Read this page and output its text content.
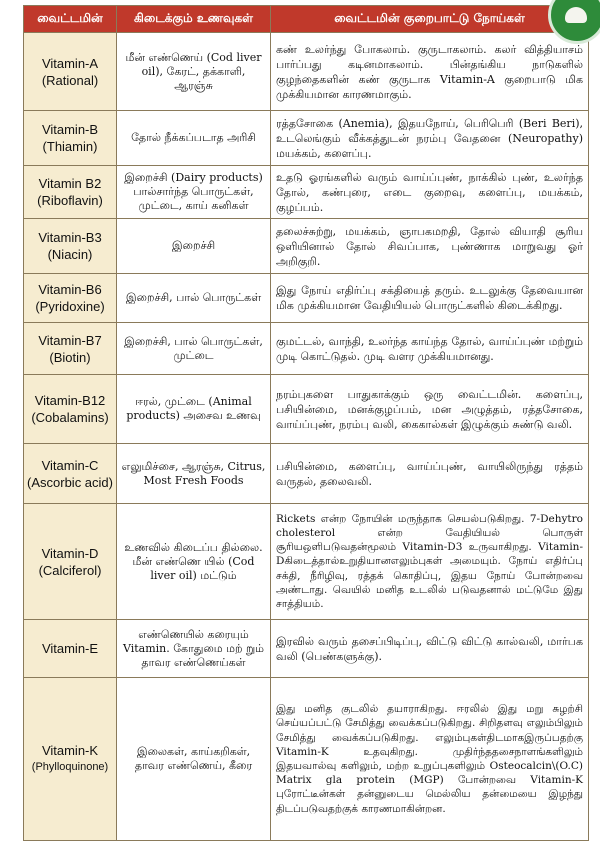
வைட்டமின்	கிடைக்கும் உணவுகள்	வைட்டமின் குறைபாட்டு நோய்கள்

Vitamin-A
(Rational)	மீன் எண்ணெய் (Cod liver oil), கேரட், தக்காளி, ஆரஞ்சு	கண் உலர்ந்து போகலாம். குருடாகலாம். கலர் வித்தியாசம் பார்ப்பது கடினமாகலாம். பின்தங்கிய நாடுகளில் குழந்தைகளின் கண் குருடாக Vitamin-A குறைபாடு மிக முக்கியமான காரணமாகும்.

Vitamin-B
(Thiamin)	தோல் நீக்கப்படாத அரிசி	ரத்தசோகை (Anemia), இதயநோய், பெரிபெரி (Beri Beri), உடலெங்கும் வீக்கத்துடன் நரம்பு வேதனை (Neuropathy) மயக்கம், களைப்பு.

Vitamin B2
(Riboflavin)	இறைச்சி (Dairy products) பால்சார்ந்த பொருட்கள், முட்டை, காய் கனிகள்	உதடு ஓரங்களில் வரும் வாய்ப்புண், நாக்கில் புண், உலர்ந்த தோல், கண்புரை, எடை குறைவு, களைப்பு, மயக்கம், குழப்பம்.

Vitamin-B3
(Niacin)	இறைச்சி	தலைச்சுற்று, மயக்கம், ஞாபகமறதி, தோல் வியாதி சூரிய ஒளியினால் தோல் சிவப்பாக, புண்ணாக மாறுவது ஓர் அறிகுறி.

Vitamin-B6
(Pyridoxine)	இறைச்சி, பால் பொருட்கள்	இது நோய் எதிர்ப்பு சக்தியைத் தரும். உடலுக்கு தேவையான மிக முக்கியமான வேதியியல் பொருட்களில் கிடைக்கிறது.

Vitamin-B7
(Biotin)	இறைச்சி, பால் பொருட்கள், முட்டை	குமட்டல், வாந்தி, உலர்ந்த காய்ந்த தோல், வாய்ப்புண் மற்றும் முடி கொட்டுதல். முடி வளர முக்கியமானது.

Vitamin-B12
(Cobalamins)	ஈரல், முட்டை (Animal products) அசைவ உணவு	நரம்புகளை பாதுகாக்கும் ஒரு வைட்டமின். களைப்பு, பசியின்மை, மனக்குழப்பம், மன அழுத்தம், ரத்தசோகை, வாய்ப்புண், நரம்பு வலி, கைகால்கள் இழுக்கும் சுண்டு வலி.

Vitamin-C
(Ascorbic acid)	எலுமிச்சை, ஆரஞ்சு, Citrus, Most Fresh Foods	பசியின்மை, களைப்பு, வாய்ப்புண், வாயிலிருந்து ரத்தம் வருதல், தலைவலி.

Vitamin-D
(Calciferol)	உணவில் கிடைப்ப தில்லை. மீன் எண்ணெ யில் (Cod liver oil) மட்டும்	Rickets என்ற நோயின் மருந்தாக செயல்படுகிறது. 7-Dehytro cholesterol என்ற வேதியியல் பொருள் சூரியஒளிபடுவதன்மூலம் Vitamin-D3 உருவாகிறது. Vitamin-Dகிடைத்தால்உறுதியானஎலும்புகள் அமையும். நோய் எதிர்ப்பு சக்தி, நீரிழிவு, ரத்தக் கொதிப்பு, இதய நோய் போன்றவை அண்டாது. வெயில் மனித உடலில் படுவதனால் மட்டுமே இது சாத்தியம்.

Vitamin-E	எண்ணெயில் கரையும் Vitamin. கோதுமை மற் றும் தாவர எண்ணெய்கள்	இரவில் வரும் தசைப்பிடிப்பு, விட்டு விட்டு கால்வலி, மார்பக வலி (பெண்களுக்கு).

Vitamin-K
(Phylloquinone)	இலைகள், காய்கறிகள், தாவர எண்ணெய், கீரை	இது மனித குடலில் தயாராகிறது. ஈரலில் இது மறு சுழற்சி செய்யப்பட்டு சேமித்து வைக்கப்படுகிறது. சிறிதளவு எலும்பிலும் சேமித்து வைக்கப்படுகிறது. எலும்புகள்திடமாகஇருப்பதற்கு Vitamin-K உதவுகிறது. முதிர்ந்ததசைநாளங்களிலும் இதயவால்வு களிலும், மற்ற உறுப்புகளிலும் Osteocalcin\(O.C) Matrix gla protein (MGP) போன்றவை Vitamin-K புரோட்டீன்கள் தன்னுடைய மெல்லிய தன்மையை இழந்து திடப்படுவதற்குக் காரணமாகின்றன.
